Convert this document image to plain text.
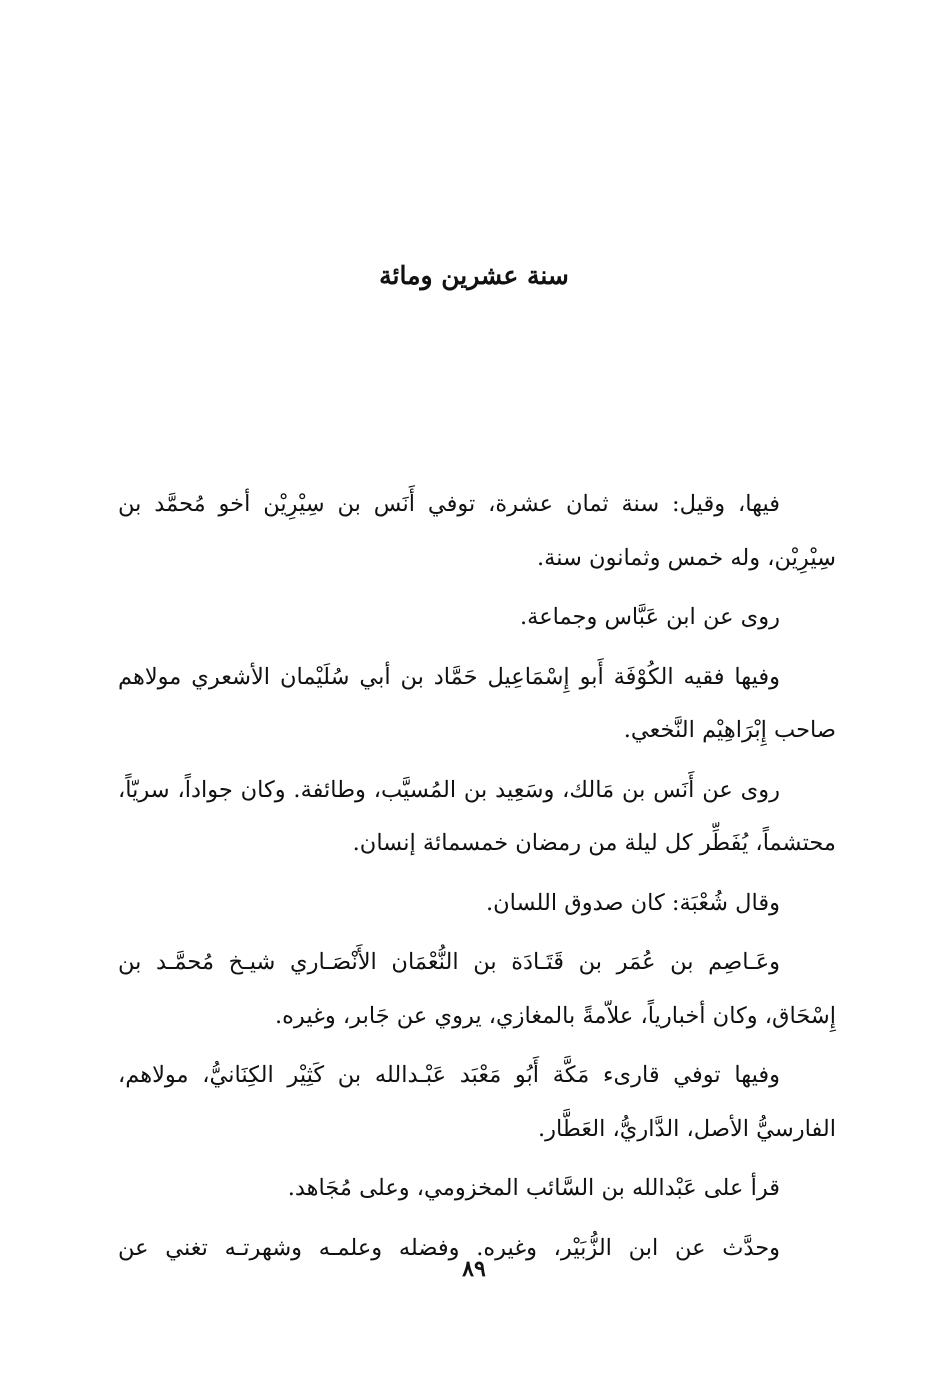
سنة عشرين ومائة

فيها، وقيل: سنة ثمان عشرة، توفي أَنَس بن سِيْرِيْن أخو مُحمَّد بن سِيْرِيْن، وله خمس وثمانون سنة.

روى عن ابن عَبَّاس وجماعة.

وفيها فقيه الكُوْفَة أَبو إِسْمَاعِيل حَمَّاد بن أبي سُلَيْمان الأشعري مولاهم صاحب إِبْرَاهِيْم النَّخعي.

روى عن أَنَس بن مَالك، وسَعِيد بن المُسيَّب، وطائفة. وكان جواداً، سريّاً، محتشماً، يُفَطِّر كل ليلة من رمضان خمسمائة إنسان.

وقال شُعْبَة: كان صدوق اللسان.

وعَـاصِم بن عُمَر بن قَتَـادَة بن النُّعْمَان الأَنْصَـاري شيـخ مُحمَّـد بن إِسْحَاق، وكان أخبارياً، علاّمةً بالمغازي، يروي عن جَابر، وغيره.

وفيها توفي قارىء مَكَّة أَبُو مَعْبَد عَبْـدالله بن كَثِيْر الكِنَانيُّ، مولاهم، الفارسيُّ الأصل، الدَّاريُّ، العَطَّار.

قرأ على عَبْدالله بن السَّائب المخزومي، وعلى مُجَاهد.

وحدَّث عن ابن الزُّبَيْر، وغيره. وفضله وعلمـه وشهرتـه تغني عن

٨٩
